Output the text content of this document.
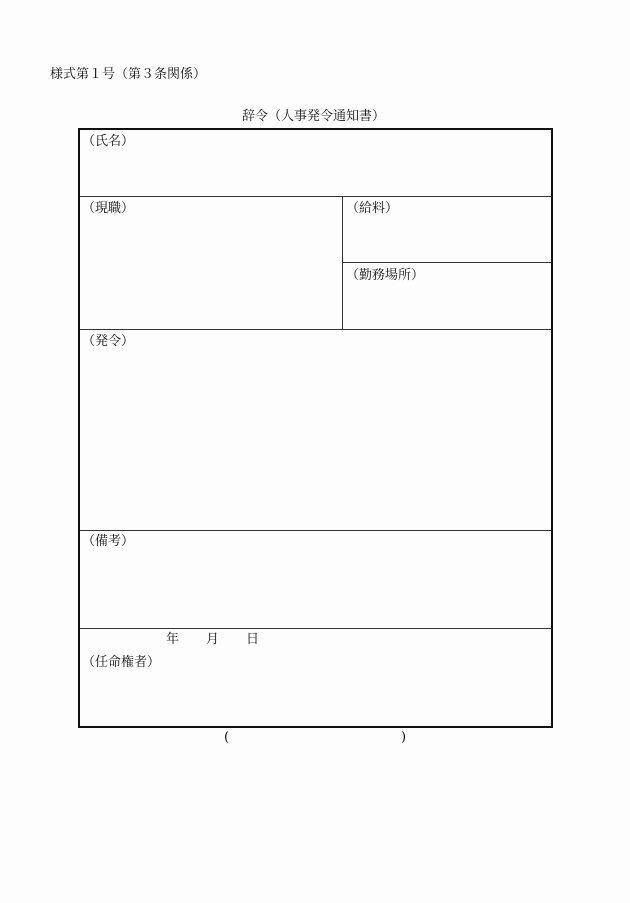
様式第１号（第３条関係）
辞令（人事発令通知書）
（氏名）
（現職）	（給料）
（勤務場所）
（発令）
（備考）
年 月 日
（任命権者）
(	)
